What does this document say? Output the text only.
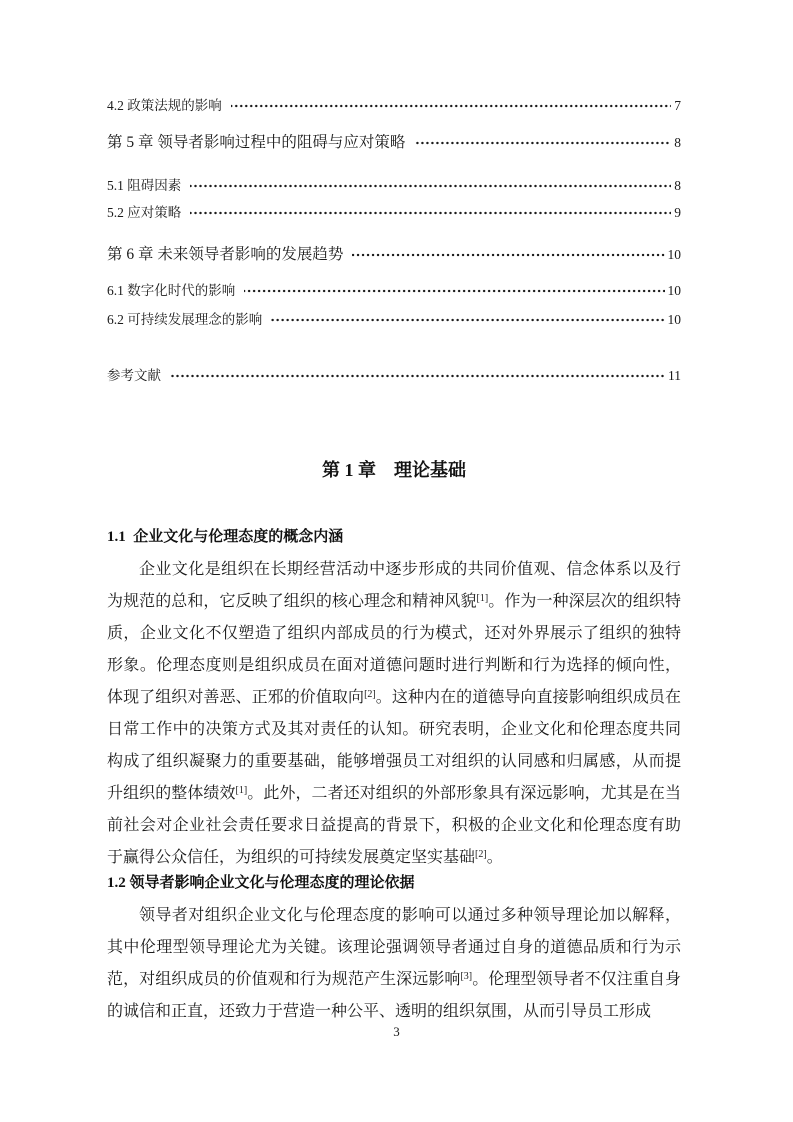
4.2 政策法规的影响	7
第 5 章 领导者影响过程中的阻碍与应对策略	8
5.1 阻碍因素	8
5.2 应对策略	9
第 6 章 未来领导者影响的发展趋势	10
6.1 数字化时代的影响	10
6.2 可持续发展理念的影响	10
参考文献	11
第 1 章　理论基础
1.1  企业文化与伦理态度的概念内涵

企业文化是组织在长期经营活动中逐步形成的共同价值观、信念体系以及行为规范的总和，它反映了组织的核心理念和精神风貌[1]。作为一种深层次的组织特质，企业文化不仅塑造了组织内部成员的行为模式，还对外界展示了组织的独特形象。伦理态度则是组织成员在面对道德问题时进行判断和行为选择的倾向性，体现了组织对善恶、正邪的价值取向[2]。这种内在的道德导向直接影响组织成员在日常工作中的决策方式及其对责任的认知。研究表明，企业文化和伦理态度共同构成了组织凝聚力的重要基础，能够增强员工对组织的认同感和归属感，从而提升组织的整体绩效[1]。此外，二者还对组织的外部形象具有深远影响，尤其是在当前社会对企业社会责任要求日益提高的背景下，积极的企业文化和伦理态度有助于赢得公众信任，为组织的可持续发展奠定坚实基础[2]。

1.2 领导者影响企业文化与伦理态度的理论依据

领导者对组织企业文化与伦理态度的影响可以通过多种领导理论加以解释，其中伦理型领导理论尤为关键。该理论强调领导者通过自身的道德品质和行为示范，对组织成员的价值观和行为规范产生深远影响[3]。伦理型领导者不仅注重自身的诚信和正直，还致力于营造一种公平、透明的组织氛围，从而引导员工形成

3
